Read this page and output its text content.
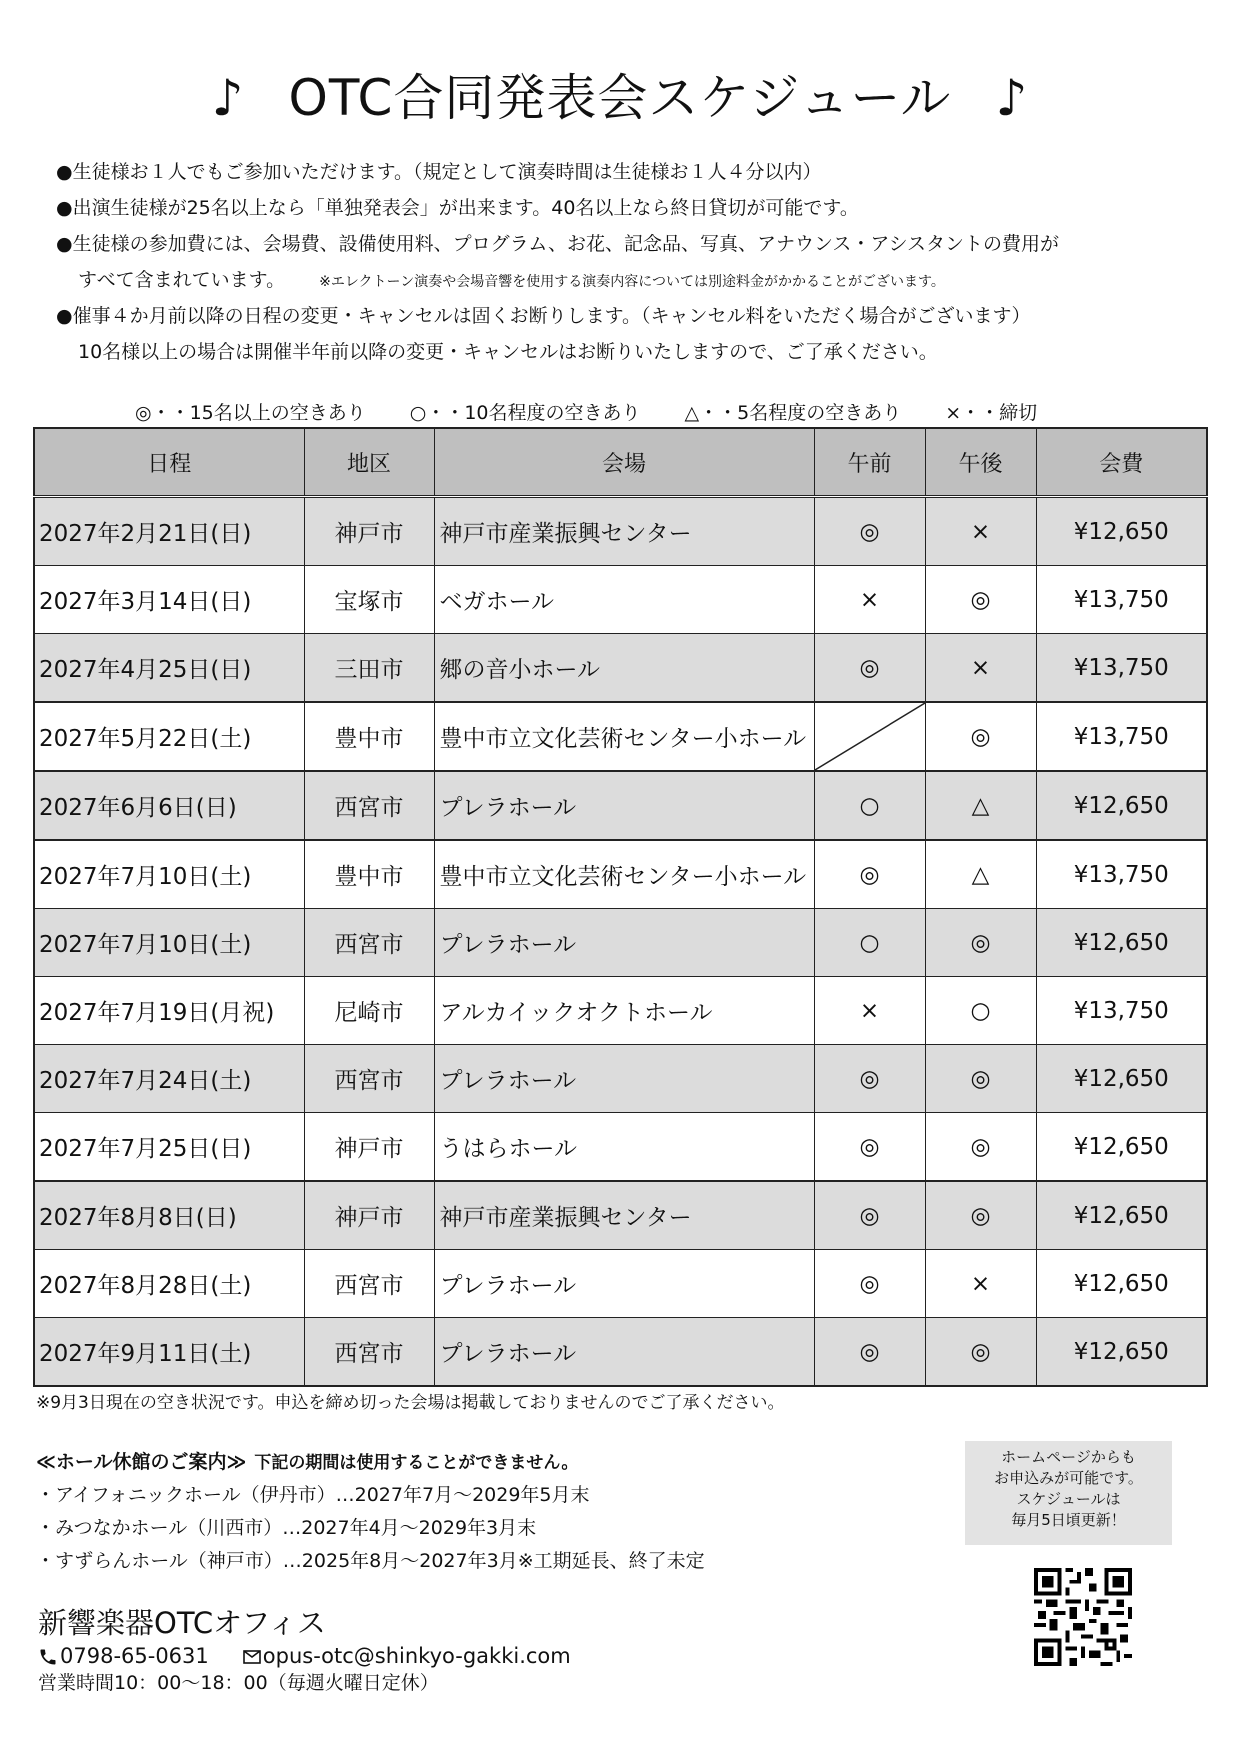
♪ OTC合同発表会スケジュール ♪
●生徒様お１人でもご参加いただけます。（規定として演奏時間は生徒様お１人４分以内）
●出演生徒様が25名以上なら「単独発表会」が出来ます。40名以上なら終日貸切が可能です。
●生徒様の参加費には、会場費、設備使用料、プログラム、お花、記念品、写真、アナウンス・アシスタントの費用が
すべて含まれています。 ※エレクトーン演奏や会場音響を使用する演奏内容については別途料金がかかることがございます。
●催事４か月前以降の日程の変更・キャンセルは固くお断りします。（キャンセル料をいただく場合がございます）
10名様以上の場合は開催半年前以降の変更・キャンセルはお断りいたしますので、ご了承ください。
◎・・15名以上の空きあり ○・・10名程度の空きあり △・・5名程度の空きあり ×・・締切
日程	地区	会場	午前	午後	会費
2027年2月21日(日)	神戸市	神戸市産業振興センター	◎	×	¥12,650
2027年3月14日(日)	宝塚市	ベガホール	×	◎	¥13,750
2027年4月25日(日)	三田市	郷の音小ホール	◎	×	¥13,750
2027年5月22日(土)	豊中市	豊中市立文化芸術センター小ホール		◎	¥13,750
2027年6月6日(日)	西宮市	プレラホール	○	△	¥12,650
2027年7月10日(土)	豊中市	豊中市立文化芸術センター小ホール	◎	△	¥13,750
2027年7月10日(土)	西宮市	プレラホール	○	◎	¥12,650
2027年7月19日(月祝)	尼崎市	アルカイックオクトホール	×	○	¥13,750
2027年7月24日(土)	西宮市	プレラホール	◎	◎	¥12,650
2027年7月25日(日)	神戸市	うはらホール	◎	◎	¥12,650
2027年8月8日(日)	神戸市	神戸市産業振興センター	◎	◎	¥12,650
2027年8月28日(土)	西宮市	プレラホール	◎	×	¥12,650
2027年9月11日(土)	西宮市	プレラホール	◎	◎	¥12,650
※9月3日現在の空き状況です。申込を締め切った会場は掲載しておりませんのでご了承ください。
≪ホール休館のご案内≫ 下記の期間は使用することができません。
・アイフォニックホール（伊丹市）…2027年7月～2029年5月末
・みつなかホール（川西市）…2027年4月～2029年3月末
・すずらんホール（神戸市）…2025年8月～2027年3月※工期延長、終了未定
ホームページからも
お申込みが可能です。
スケジュールは
毎月5日頃更新！
新響楽器OTCオフィス
0798-65-0631	opus-otc@shinkyo-gakki.com
営業時間10：00～18：00（毎週火曜日定休）
